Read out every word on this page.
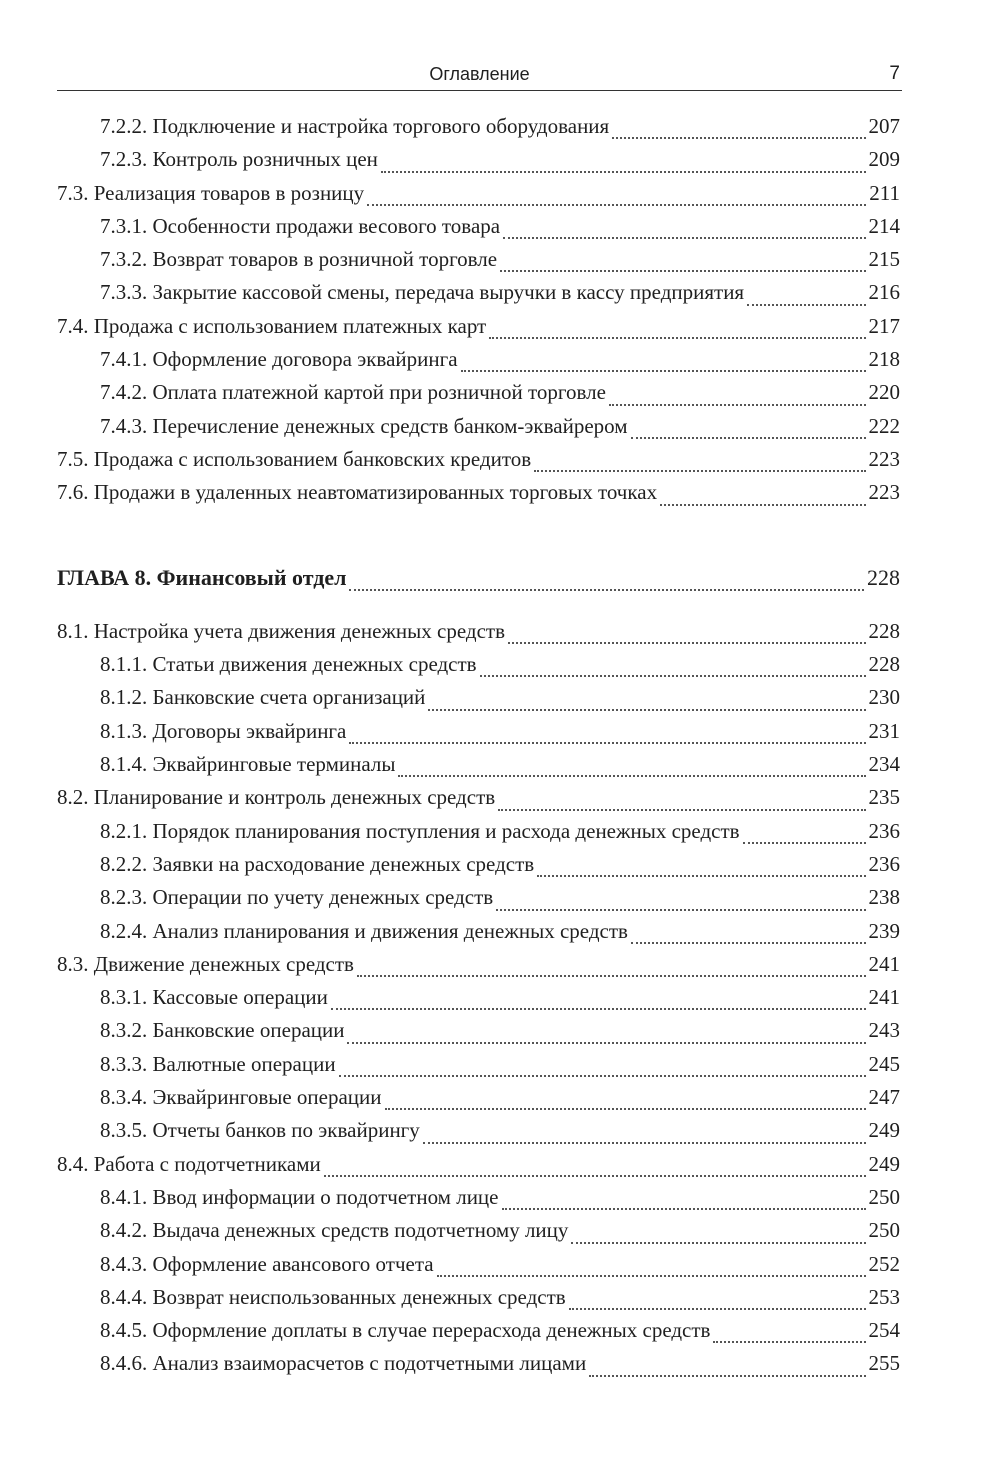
Оглавление	7
7.2.2. Подключение и настройка торгового оборудования	207
7.2.3. Контроль розничных цен	209
7.3. Реализация товаров в розницу	211
7.3.1. Особенности продажи весового товара	214
7.3.2. Возврат товаров в розничной торговле	215
7.3.3. Закрытие кассовой смены, передача выручки в кассу предприятия	216
7.4. Продажа с использованием платежных карт	217
7.4.1. Оформление договора эквайринга	218
7.4.2. Оплата платежной картой при розничной торговле	220
7.4.3. Перечисление денежных средств банком-эквайрером	222
7.5. Продажа с использованием банковских кредитов	223
7.6. Продажи в удаленных неавтоматизированных торговых точках	223
ГЛАВА 8. Финансовый отдел	228
8.1. Настройка учета движения денежных средств	228
8.1.1. Статьи движения денежных средств	228
8.1.2. Банковские счета организаций	230
8.1.3. Договоры эквайринга	231
8.1.4. Эквайринговые терминалы	234
8.2. Планирование и контроль денежных средств	235
8.2.1. Порядок планирования поступления и расхода денежных средств	236
8.2.2. Заявки на расходование денежных средств	236
8.2.3. Операции по учету денежных средств	238
8.2.4. Анализ планирования и движения денежных средств	239
8.3. Движение денежных средств	241
8.3.1. Кассовые операции	241
8.3.2. Банковские операции	243
8.3.3. Валютные операции	245
8.3.4. Эквайринговые операции	247
8.3.5. Отчеты банков по эквайрингу	249
8.4. Работа с подотчетниками	249
8.4.1. Ввод информации о подотчетном лице	250
8.4.2. Выдача денежных средств подотчетному лицу	250
8.4.3. Оформление авансового отчета	252
8.4.4. Возврат неиспользованных денежных средств	253
8.4.5. Оформление доплаты в случае перерасхода денежных средств	254
8.4.6. Анализ взаиморасчетов с подотчетными лицами	255
